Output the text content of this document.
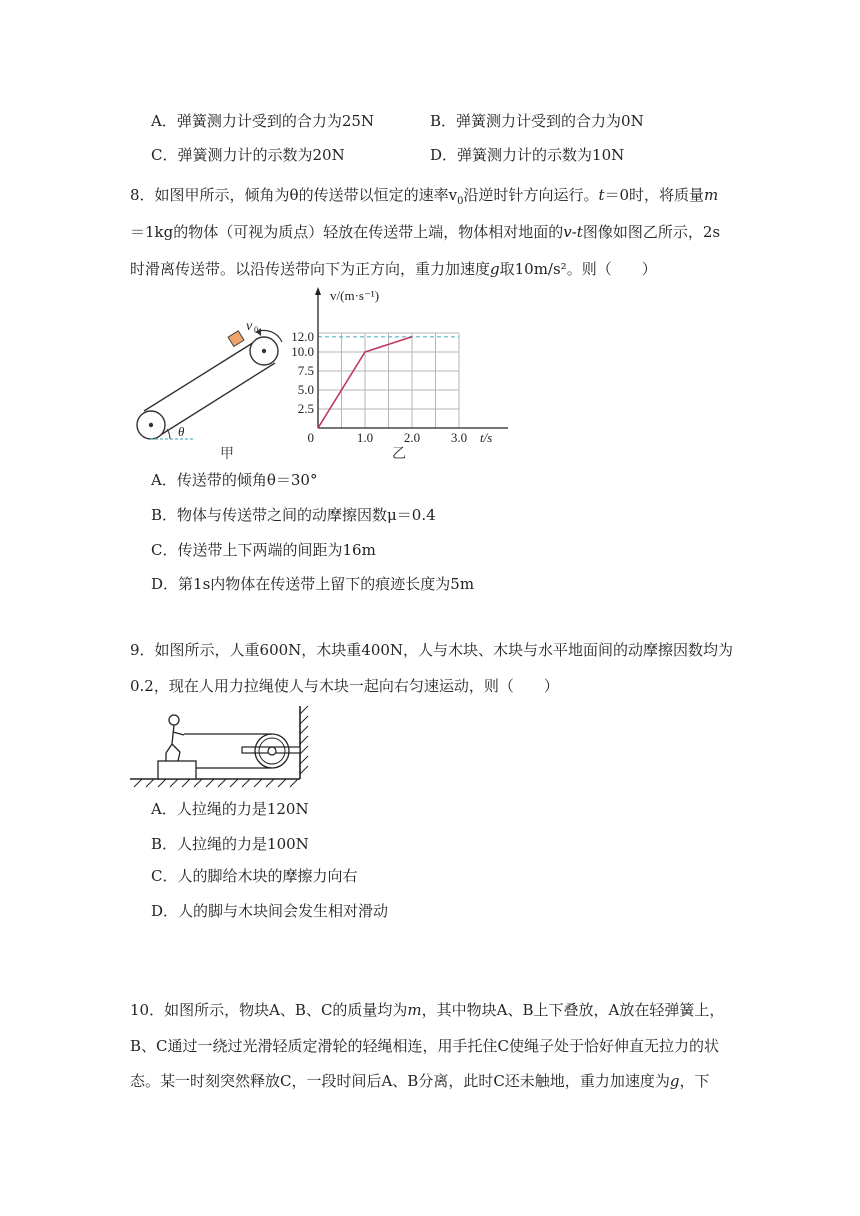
A．弹簧测力计受到的合力为25N	B．弹簧测力计受到的合力为0N
C．弹簧测力计的示数为20N	D．弹簧测力计的示数为10N
8．如图甲所示，倾角为θ的传送带以恒定的速率$v_0$沿逆时针方向运行。t＝0时，将质量m
＝1kg的物体（可视为质点）轻放在传送带上端，物体相对地面的v-t图像如图乙所示，2s
时滑离传送带。以沿传送带向下为正方向，重力加速度g取10m/s²。则（　　）
v 0
θ
甲
v/(m·s⁻¹)
12.0
10.0
7.5
5.0
2.5
0	1.0 2.0 3.0 t/s
乙
A．传送带的倾角θ＝30°
B．物体与传送带之间的动摩擦因数μ＝0.4
C．传送带上下两端的间距为16m
D．第1s内物体在传送带上留下的痕迹长度为5m
9．如图所示，人重600N，木块重400N，人与木块、木块与水平地面间的动摩擦因数均为
0.2，现在人用力拉绳使人与木块一起向右匀速运动，则（　　）
A．人拉绳的力是120N
B．人拉绳的力是100N
C．人的脚给木块的摩擦力向右
D．人的脚与木块间会发生相对滑动
10．如图所示，物块A、B、C的质量均为m，其中物块A、B上下叠放，A放在轻弹簧上，
B、C通过一绕过光滑轻质定滑轮的轻绳相连，用手托住C使绳子处于恰好伸直无拉力的状
态。某一时刻突然释放C，一段时间后A、B分离，此时C还未触地，重力加速度为g，下
